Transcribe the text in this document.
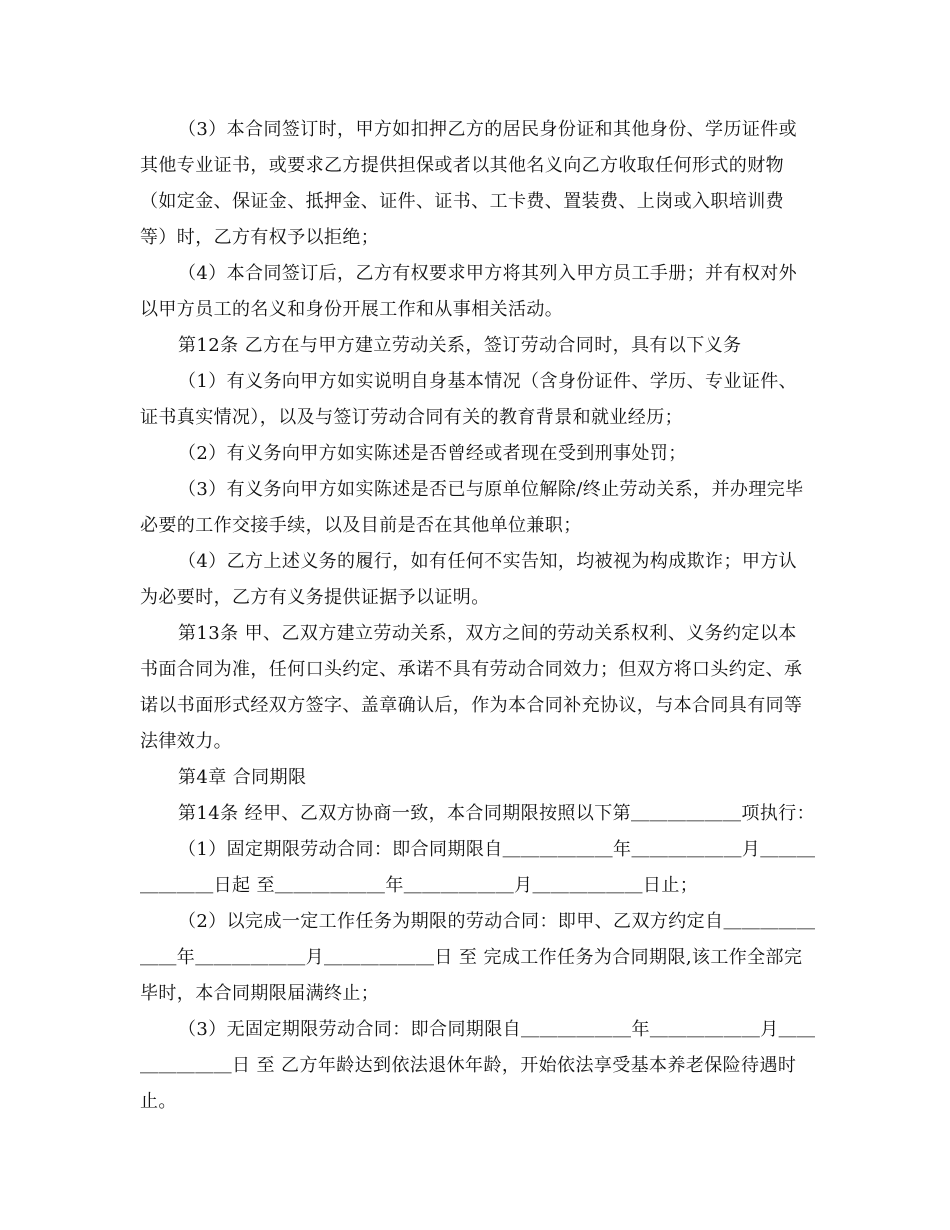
（3）本合同签订时，甲方如扣押乙方的居民身份证和其他身份、学历证件或

其他专业证书，或要求乙方提供担保或者以其他名义向乙方收取任何形式的财物

（如定金、保证金、抵押金、证件、证书、工卡费、置装费、上岗或入职培训费

等）时，乙方有权予以拒绝；

（4）本合同签订后，乙方有权要求甲方将其列入甲方员工手册；并有权对外

以甲方员工的名义和身份开展工作和从事相关活动。

第12条 乙方在与甲方建立劳动关系，签订劳动合同时，具有以下义务

（1）有义务向甲方如实说明自身基本情况（含身份证件、学历、专业证件、

证书真实情况），以及与签订劳动合同有关的教育背景和就业经历；

（2）有义务向甲方如实陈述是否曾经或者现在受到刑事处罚；

（3）有义务向甲方如实陈述是否已与原单位解除/终止劳动关系，并办理完毕

必要的工作交接手续，以及目前是否在其他单位兼职；

（4）乙方上述义务的履行，如有任何不实告知，均被视为构成欺诈；甲方认

为必要时，乙方有义务提供证据予以证明。

第13条 甲、乙双方建立劳动关系，双方之间的劳动关系权利、义务约定以本

书面合同为准，任何口头约定、承诺不具有劳动合同效力；但双方将口头约定、承

诺以书面形式经双方签字、盖章确认后，作为本合同补充协议，与本合同具有同等

法律效力。

第4章 合同期限

第14条 经甲、乙双方协商一致，本合同期限按照以下第＿＿＿＿＿＿项执行：

（1）固定期限劳动合同：即合同期限自＿＿＿＿＿＿年＿＿＿＿＿＿月＿＿＿

＿＿＿＿日起 至＿＿＿＿＿＿年＿＿＿＿＿＿月＿＿＿＿＿＿日止；

（2）以完成一定工作任务为期限的劳动合同：即甲、乙双方约定自＿＿＿＿＿

＿＿年＿＿＿＿＿＿月＿＿＿＿＿＿日 至 完成工作任务为合同期限,该工作全部完

毕时，本合同期限届满终止；

（3）无固定期限劳动合同：即合同期限自＿＿＿＿＿＿年＿＿＿＿＿＿月＿＿

＿＿＿＿＿日 至 乙方年龄达到依法退休年龄，开始依法享受基本养老保险待遇时

止。
